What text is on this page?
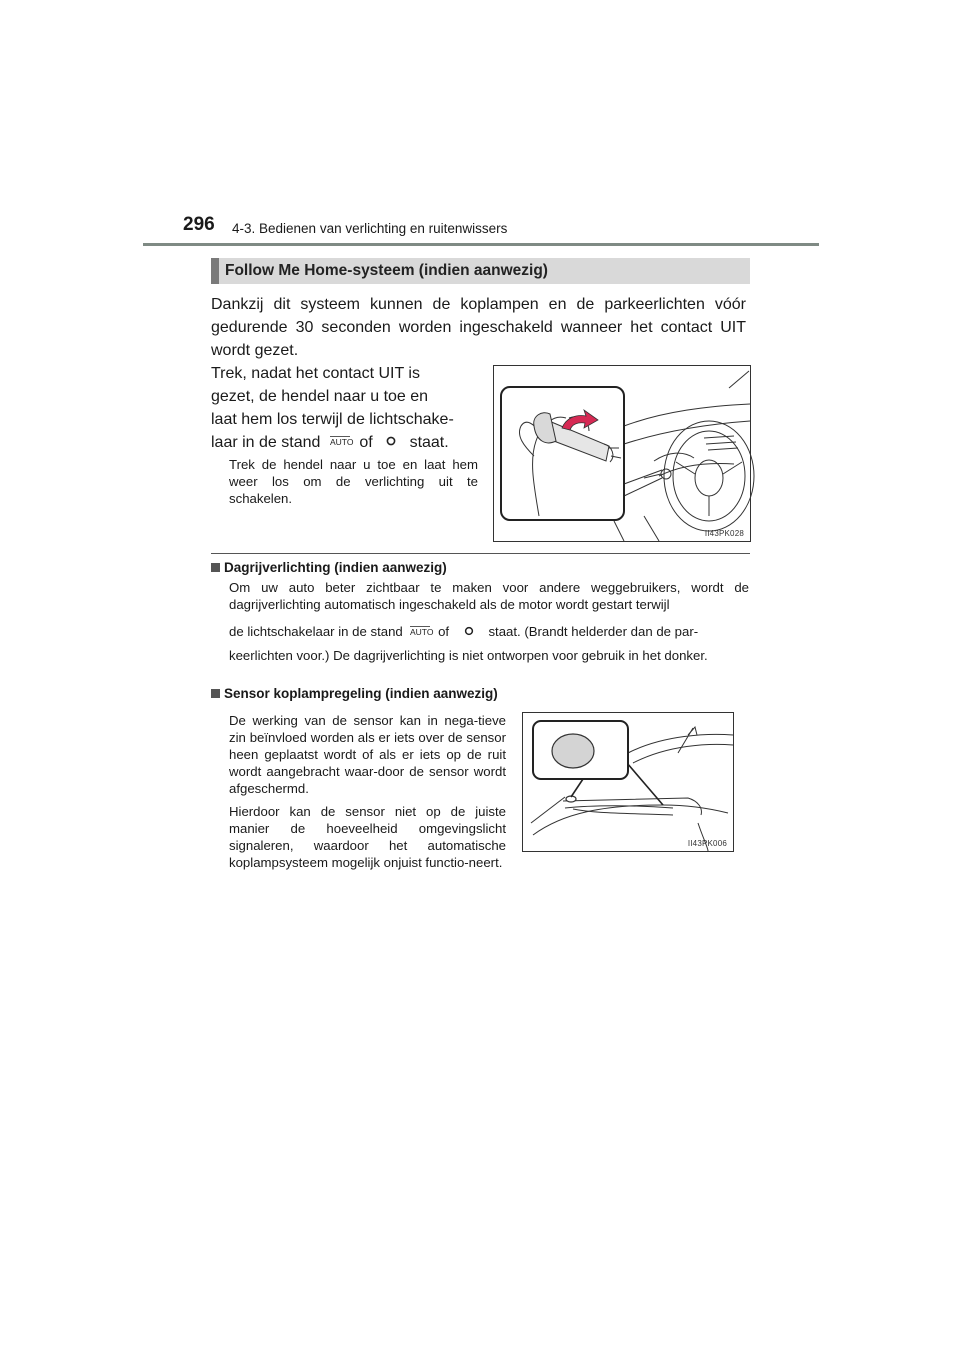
296 4-3. Bedienen van verlichting en ruitenwissers
Follow Me Home-systeem (indien aanwezig)
Dankzij dit systeem kunnen de koplampen en de parkeerlichten vóór gedurende 30 seconden worden ingeschakeld wanneer het contact UIT wordt gezet.
Trek, nadat het contact UIT is
gezet, de hendel naar u toe en
laat hem los terwijl de lichtschake-
laar in de stand AUTO of staat.
Trek de hendel naar u toe en laat hem weer los om de verlichting uit te schakelen.
II43PK028
Dagrijverlichting (indien aanwezig)
Om uw auto beter zichtbaar te maken voor andere weggebruikers, wordt de dagrijverlichting automatisch ingeschakeld als de motor wordt gestart terwijl
de lichtschakelaar in de stand AUTO of	staat. (Brandt helderder dan de par-
keerlichten voor.) De dagrijverlichting is niet ontworpen voor gebruik in het donker.
Sensor koplampregeling (indien aanwezig)
De werking van de sensor kan in nega-tieve zin beïnvloed worden als er iets over de sensor heen geplaatst wordt of als er iets op de ruit wordt aangebracht waar-door de sensor wordt afgeschermd.
Hierdoor kan de sensor niet op de juiste manier de hoeveelheid omgevingslicht signaleren, waardoor het automatische koplampsysteem mogelijk onjuist functio-neert.
II43PK006
